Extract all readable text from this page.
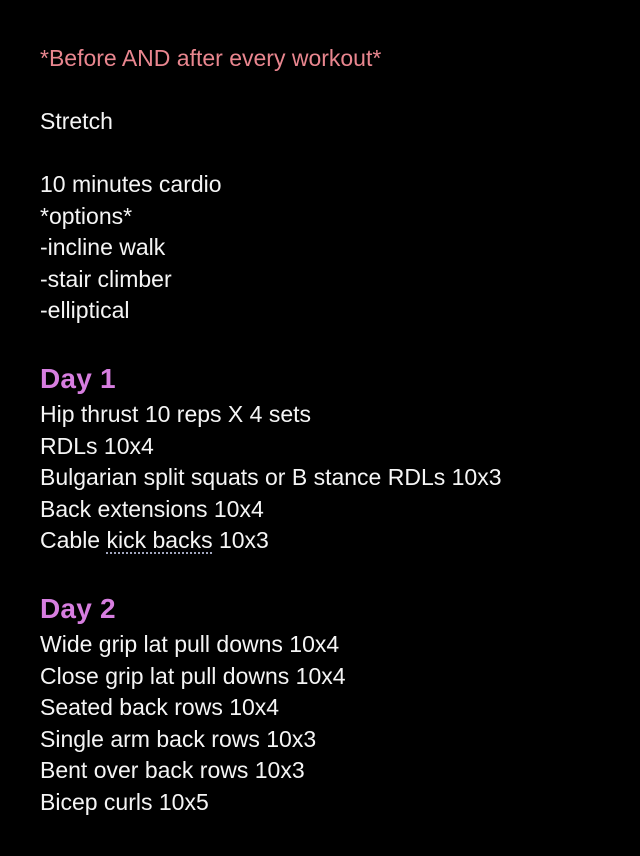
*Before AND after every workout*
Stretch
10 minutes cardio
*options*
-incline walk
-stair climber
-elliptical
Day 1
Hip thrust 10 reps X 4 sets
RDLs 10x4
Bulgarian split squats or B stance RDLs 10x3
Back extensions 10x4
Cable kick backs 10x3
Day 2
Wide grip lat pull downs 10x4
Close grip lat pull downs 10x4
Seated back rows 10x4
Single arm back rows 10x3
Bent over back rows 10x3
Bicep curls 10x5
